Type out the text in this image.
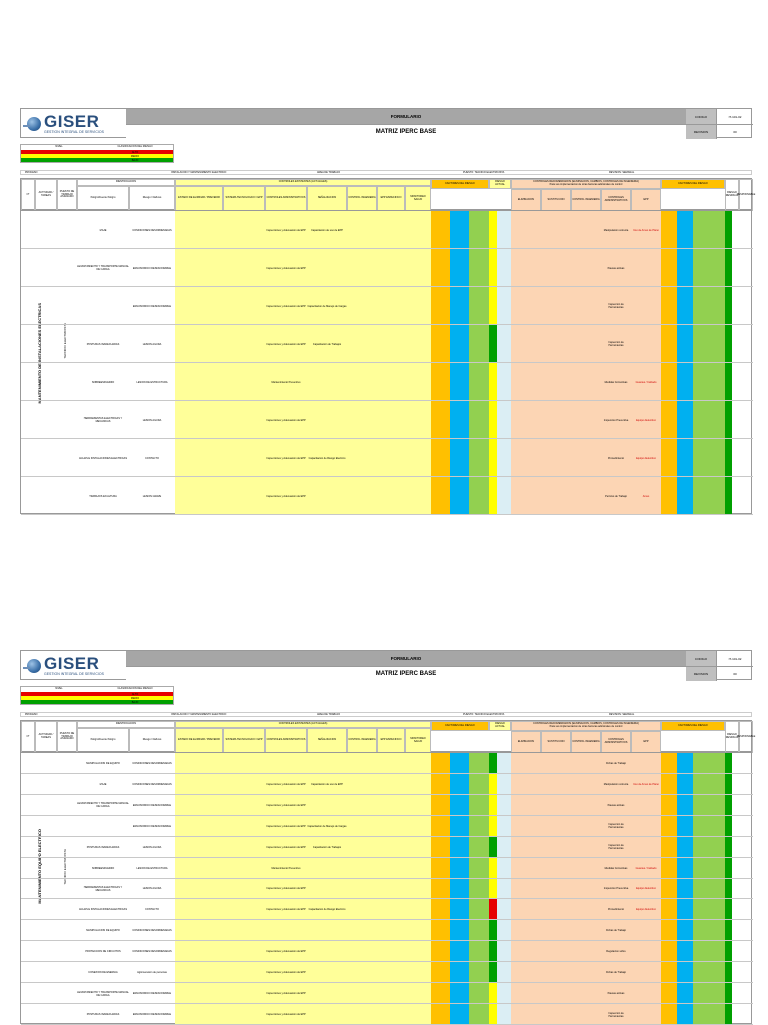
GISER
GESTION INTEGRAL DE SERVICIOS
FORMULARIO
MATRIZ IPERC BASE
CODIGO	IT-101-02
REVISION	00
NIVEL	CLASIFICACION DEL RIESGO
ALTO
MEDIO
BAJO
PROCESO	INSTALACION Y MANTENIMIENTO ELECTRICO	AREA DE TRABAJO	PUESTO: TECNICO ELECTRICISTA	REVISION: SEMANAL
N°	ACTIVIDAD / TAREAS
PUESTO DE TRABAJO ASIGNADO
IDENTIFICACION
Peligro/Fuente Peligro	Riesgo / Dañoso
CONTROLES EXISTENTES (ACT.GIALES)
ESTADO DE ELIMINAR / PREVENIR	SISTEMA TECNOLOGICO / EPP	CONTROLES ADMINISTRATIVOS	SEÑALIZACION	CONTROL INGENIERIA	EPP ESPECIFICO	MONITOREO SALUD
FACTORES DEL RIESGO	RIESGO ACTUAL
CONTROLES RECOMENDADOS (ELIMINACION, CAMBIOS, CONTROLES DE INGENIERIA)
Para sus implementacion de otras barreras adicionales de control
ELIMINACION	SUSTITUCION	CONTROL INGENIERIA	CONTROLES ADMINISTRATIVOS	EPP
FACTORES DEL RIESGO
RIESGO RESIDUAL
RESPONSABLE
MANTENIMIENTO DE INSTALACIONES ELECTRICAS	TECNICO ELECTRICISTA
IZAJE	CONDICIONES DESORDENADAS	Inspecciones y Adecuacion de EPP	Capacitacion de uso de EPP	Manipulacion correcta	Uso de Arnes de Plano
LEVANTAMIENTO Y TRANSPORTE MANUAL DE CARGA	ERGONOMICO DESFAVORABLE	Inspecciones y Adecuacion de EPP	Pausas activas
ERGONOMICO DESFAVORABLE	Inspecciones y Adecuacion de EPP Capacitacion de Manejo de Cargas	Inspeccion de Herramientas
POSTURAS INADECUADAS	LESION AGUDA	Inspecciones y Adecuacion de EPP	Capacitacion de Trabajos	Inspeccion de Herramientas
SOBREESFUERZO	LESION DE ESTRUCTURA	Mantenimiento Preventivo	Medidas Correctivas	Guantes / Calzado
HERRAMIENTAS ELECTRICAS Y MECANICAS	LESION AGUDA	Inspecciones y Adecuacion de EPP	Inspeccion Preventiva	Equipo dielectrico
AGUAS E INSTALACIONES ELECTRICAS	CONTACTO	Inspecciones y Adecuacion de EPP	Capacitacion de Riesgo Electrico	Procedimiento	Equipo dielectrico
TRABAJOS EN ALTURA	LESION GRAVE	Inspecciones y Adecuacion de EPP	Permiso de Trabajo	Arnes
GISER
GESTION INTEGRAL DE SERVICIOS
FORMULARIO
MATRIZ IPERC BASE
CODIGO	IT-101-02
REVISION	00
NIVEL	CLASIFICACION DEL RIESGO
ALTO
MEDIO
BAJO
PROCESO	INSTALACION Y MANTENIMIENTO ELECTRICO	AREA DE TRABAJO	PUESTO: TECNICO ELECTRICISTA	REVISION: SEMANAL
N°	ACTIVIDAD / TAREAS
PUESTO DE TRABAJO ASIGNADO
IDENTIFICACION
Peligro/Fuente Peligro	Riesgo / Dañoso
CONTROLES EXISTENTES (ACT.GIALES)
ESTADO DE ELIMINAR / PREVENIR	SISTEMA TECNOLOGICO / EPP	CONTROLES ADMINISTRATIVOS	SEÑALIZACION	CONTROL INGENIERIA	EPP ESPECIFICO	MONITOREO SALUD
FACTORES DEL RIESGO	RIESGO ACTUAL
CONTROLES RECOMENDADOS (ELIMINACION, CAMBIOS, CONTROLES DE INGENIERIA)
Para sus implementacion de otras barreras adicionales de control
ELIMINACION	SUSTITUCION	CONTROL INGENIERIA	CONTROLES ADMINISTRATIVOS	EPP
FACTORES DEL RIESGO
RIESGO RESIDUAL
RESPONSABLE
MANTENIMIENTO EQUIPO ELECTRICO	TECNICO ELECTRICISTA
MANIPULACION DE EQUIPO	CONDICIONES DESORDENADAS	Fichas de Trabajo
IZAJE	CONDICIONES DESORDENADAS	Inspecciones y Adecuacion de EPP	Capacitacion de uso de EPP	Manipulacion correcta	Uso de Arnes de Plano
LEVANTAMIENTO Y TRANSPORTE MANUAL DE CARGA	ERGONOMICO DESFAVORABLE	Inspecciones y Adecuacion de EPP	Pausas activas
ERGONOMICO DESFAVORABLE	Inspecciones y Adecuacion de EPP Capacitacion de Manejo de Cargas	Inspeccion de Herramientas
POSTURAS INADECUADAS	LESION AGUDA	Inspecciones y Adecuacion de EPP	Capacitacion de Trabajos	Inspeccion de Herramientas
SOBREESFUERZO	LESION DE ESTRUCTURA	Mantenimiento Preventivo	Medidas Correctivas	Guantes / Calzado
HERRAMIENTAS ELECTRICAS Y MECANICAS	LESION AGUDA	Inspecciones y Adecuacion de EPP	Inspeccion Preventiva	Equipo dielectrico
AGUAS E INSTALACIONES ELECTRICAS	CONTACTO	Inspecciones y Adecuacion de EPP	Capacitacion de Riesgo Electrico	Procedimiento	Equipo dielectrico
MANIPULACION DE EQUIPO	CONDICIONES DESORDENADAS	Fichas de Trabajo
PROTECCION DE CIRCUITOS	CONDICIONES DESORDENADAS	Inspecciones y Adecuacion de EPP	Regulacion sobre
CONEXION DE ENERGIA	Aglomeracion de personas	Inspecciones y Adecuacion de EPP	Fichas de Trabajo
LEVANTAMIENTO Y TRANSPORTE MANUAL DE CARGA	ERGONOMICO DESFAVORABLE	Inspecciones y Adecuacion de EPP	Pausas activas
POSTURAS INADECUADAS	ERGONOMICO DESFAVORABLE	Inspecciones y Adecuacion de EPP	Inspeccion de Herramientas
